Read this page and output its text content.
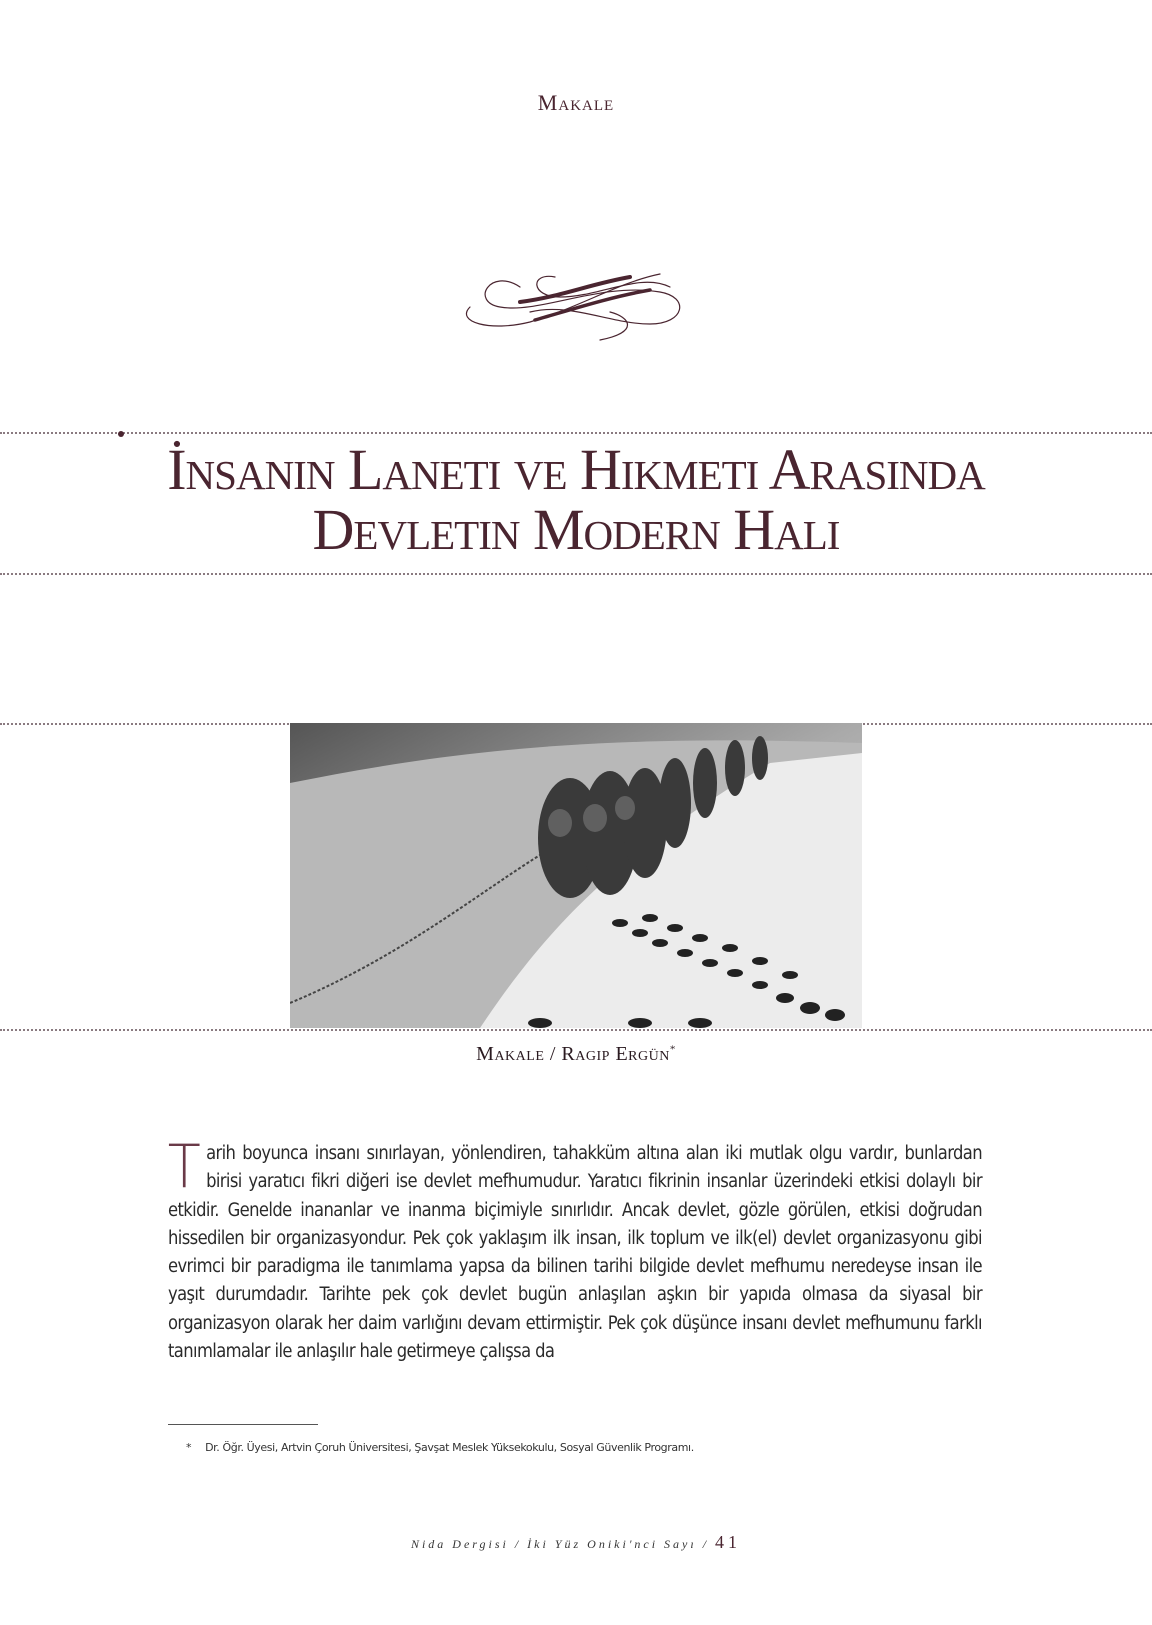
Makale
İnsanın Laneti ve Hikmeti Arasında
Devletin Modern Hali
Makale / Ragıp Ergün*
Tarih boyunca insanı sınırlayan, yönlendiren, tahakküm altına alan iki mutlak olgu vardır, bunlardan birisi yaratıcı fikri diğeri ise devlet mefhumudur. Yaratıcı fikrinin insanlar üzerindeki etkisi dolaylı bir etkidir. Genelde inananlar ve inanma biçimiyle sınırlıdır. Ancak devlet, gözle görülen, etkisi doğrudan hissedilen bir organizasyondur. Pek çok yaklaşım ilk insan, ilk toplum ve ilk(el) devlet organizasyonu gibi evrimci bir paradigma ile tanımlama yapsa da bilinen tarihi bilgide devlet mefhumu neredeyse insan ile yaşıt durumdadır. Tarihte pek çok devlet bugün anlaşılan aşkın bir yapıda olmasa da siyasal bir organizasyon olarak her daim varlığını devam ettirmiştir. Pek çok düşünce insanı devlet mefhumunu farklı tanımlamalar ile anlaşılır hale getirmeye çalışsa da
* Dr. Öğr. Üyesi, Artvin Çoruh Üniversitesi, Şavşat Meslek Yüksekokulu, Sosyal Güvenlik Programı.
Nida Dergisi / İki Yüz Oniki'nci Sayı / 41
